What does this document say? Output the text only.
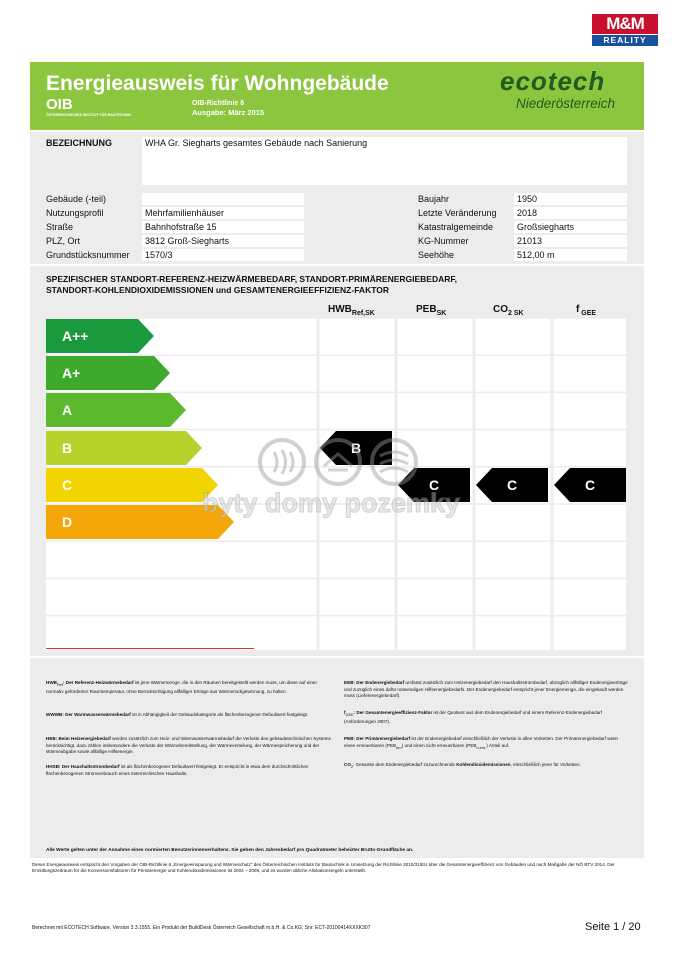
M&M
REALITY
Energieausweis für Wohngebäude
OIB
ÖSTERREICHISCHES INSTITUT FÜR BAUTECHNIK
OIB-Richtlinie 6
Ausgabe: März 2015
ecotech
Niederösterreich
BEZEICHNUNG	WHA Gr. Siegharts gesamtes Gebäude nach Sanierung
Gebäude (-teil)
Nutzungsprofil	Mehrfamilienhäuser
Straße	Bahnhofstraße 15
PLZ, Ort	3812 Groß-Siegharts
Grundstücksnummer	1570/3
Baujahr	1950
Letzte Veränderung	2018
Katastralgemeinde	Großsiegharts
KG-Nummer	21013
Seehöhe	512,00 m
SPEZIFISCHER STANDORT-REFERENZ-HEIZWÄRMEBEDARF, STANDORT-PRIMÄRENERGIEBEDARF,
STANDORT-KOHLENDIOXIDEMISSIONEN und GESAMTENERGIEEFFIZIENZ-FAKTOR
$HWB_{Ref,SK}$	$PEB_{SK}$	$CO_2$ $_{SK}$	f $_{GEE}$
A++
A+
A
B
C
D
B
C	C	C
byty domy pozemky
$HWB_{Ref}$: Der Referenz-Heizwärmebedarf ist jene Wärmemenge, die in den Räumen bereitgestellt werden muss, um diese auf einer normativ geforderten Raumtemperatur, ohne Berücksichtigung allfälliger Erträge aus Wärmerückgewinnung, zu halten.
WWWB: Der Warmwasserwärmebedarf ist in Abhängigkeit der Gebäudekategorie als flächenbezogener Defaultwert festgelegt.
HEB: Beim Heizenergiebedarf werden zusätzlich zum Heiz- und Warmwasserwärmebedarf die Verluste des gebäudetechnischen Systems berücksichtigt, dazu zählen insbesondere die Verluste der Wärmebereitstellung, der Wärmeverteilung, der Wärmespeicherung und der Wärmeabgabe sowie allfällige Hilfsenergie.
HHSB: Der Haushaltsstrombedarf ist als flächenbezogener Defaultwert festgelegt. Er entspricht in etwa dem durchschnittlichen flächenbezogenen Stromverbrauch eines österreichischen Haushalts.
EEB: Der Endenergiebedarf umfasst zusätzlich zum Heizenergiebedarf den Haushaltsstrombedarf, abzüglich allfälliger Endenergieerträge und zuzüglich eines dafür notwendigen Hilfsenergiebedarfs. Der Endenergiebedarf entspricht jener Energiemenge, die eingekauft werden muss (Lieferenergiebedarf).
$f_{GEE}$: Der Gesamtenergieeffizienz-Faktor ist der Quotient aus dem Endenergiebedarf und einem Referenz-Endenergiebedarf (Anforderungen 2007).
PEB: Der Primärenergiebedarf ist der Endenergiebedarf einschließlich der Verluste in allen Vorketten. Der Primärenergiebedarf weist einen erneuerbaren $(PEB_{ern})$ und einen nicht erneuerbaren $(PEB_{n.ern.})$ Anteil auf.
$CO_2$: Gesamte dem Endenergiebedarf zuzurechnende Kohlendioxidemissionen, einschließlich jener für Vorketten.
Alle Werte gelten unter der Annahme eines normierten Benutzerinnenverhaltens. Sie geben den Jahresbedarf pro Quadratmeter beheizter Brutto-Grundfläche an.
Dieser Energieausweis entspricht den Vorgaben der OIB-Richtlinie 6 „Energieeinsparung und Wärmeschutz" des Österreichischen Instituts für Bautechnik in Umsetzung der Richtlinie 2010/31/EU über die Gesamtenergieeffizienz von Gebäuden und nach Maßgabe der NÖ BTV 2014. Der Ermittlungszeitraum für die Konversionsfaktoren für Primärenergie und Kohlendioxidemissionen ist 2004 – 2008, und es wurden übliche Allokationsregeln unterstellt.
Berechnet mit ECOTECH Software, Version 3.3.1555. Ein Produkt der BuildDesk Österreich Gesellschaft m.b.H. & Co.KG; Snr: ECT-20100414XXXK307	Seite 1 / 20
